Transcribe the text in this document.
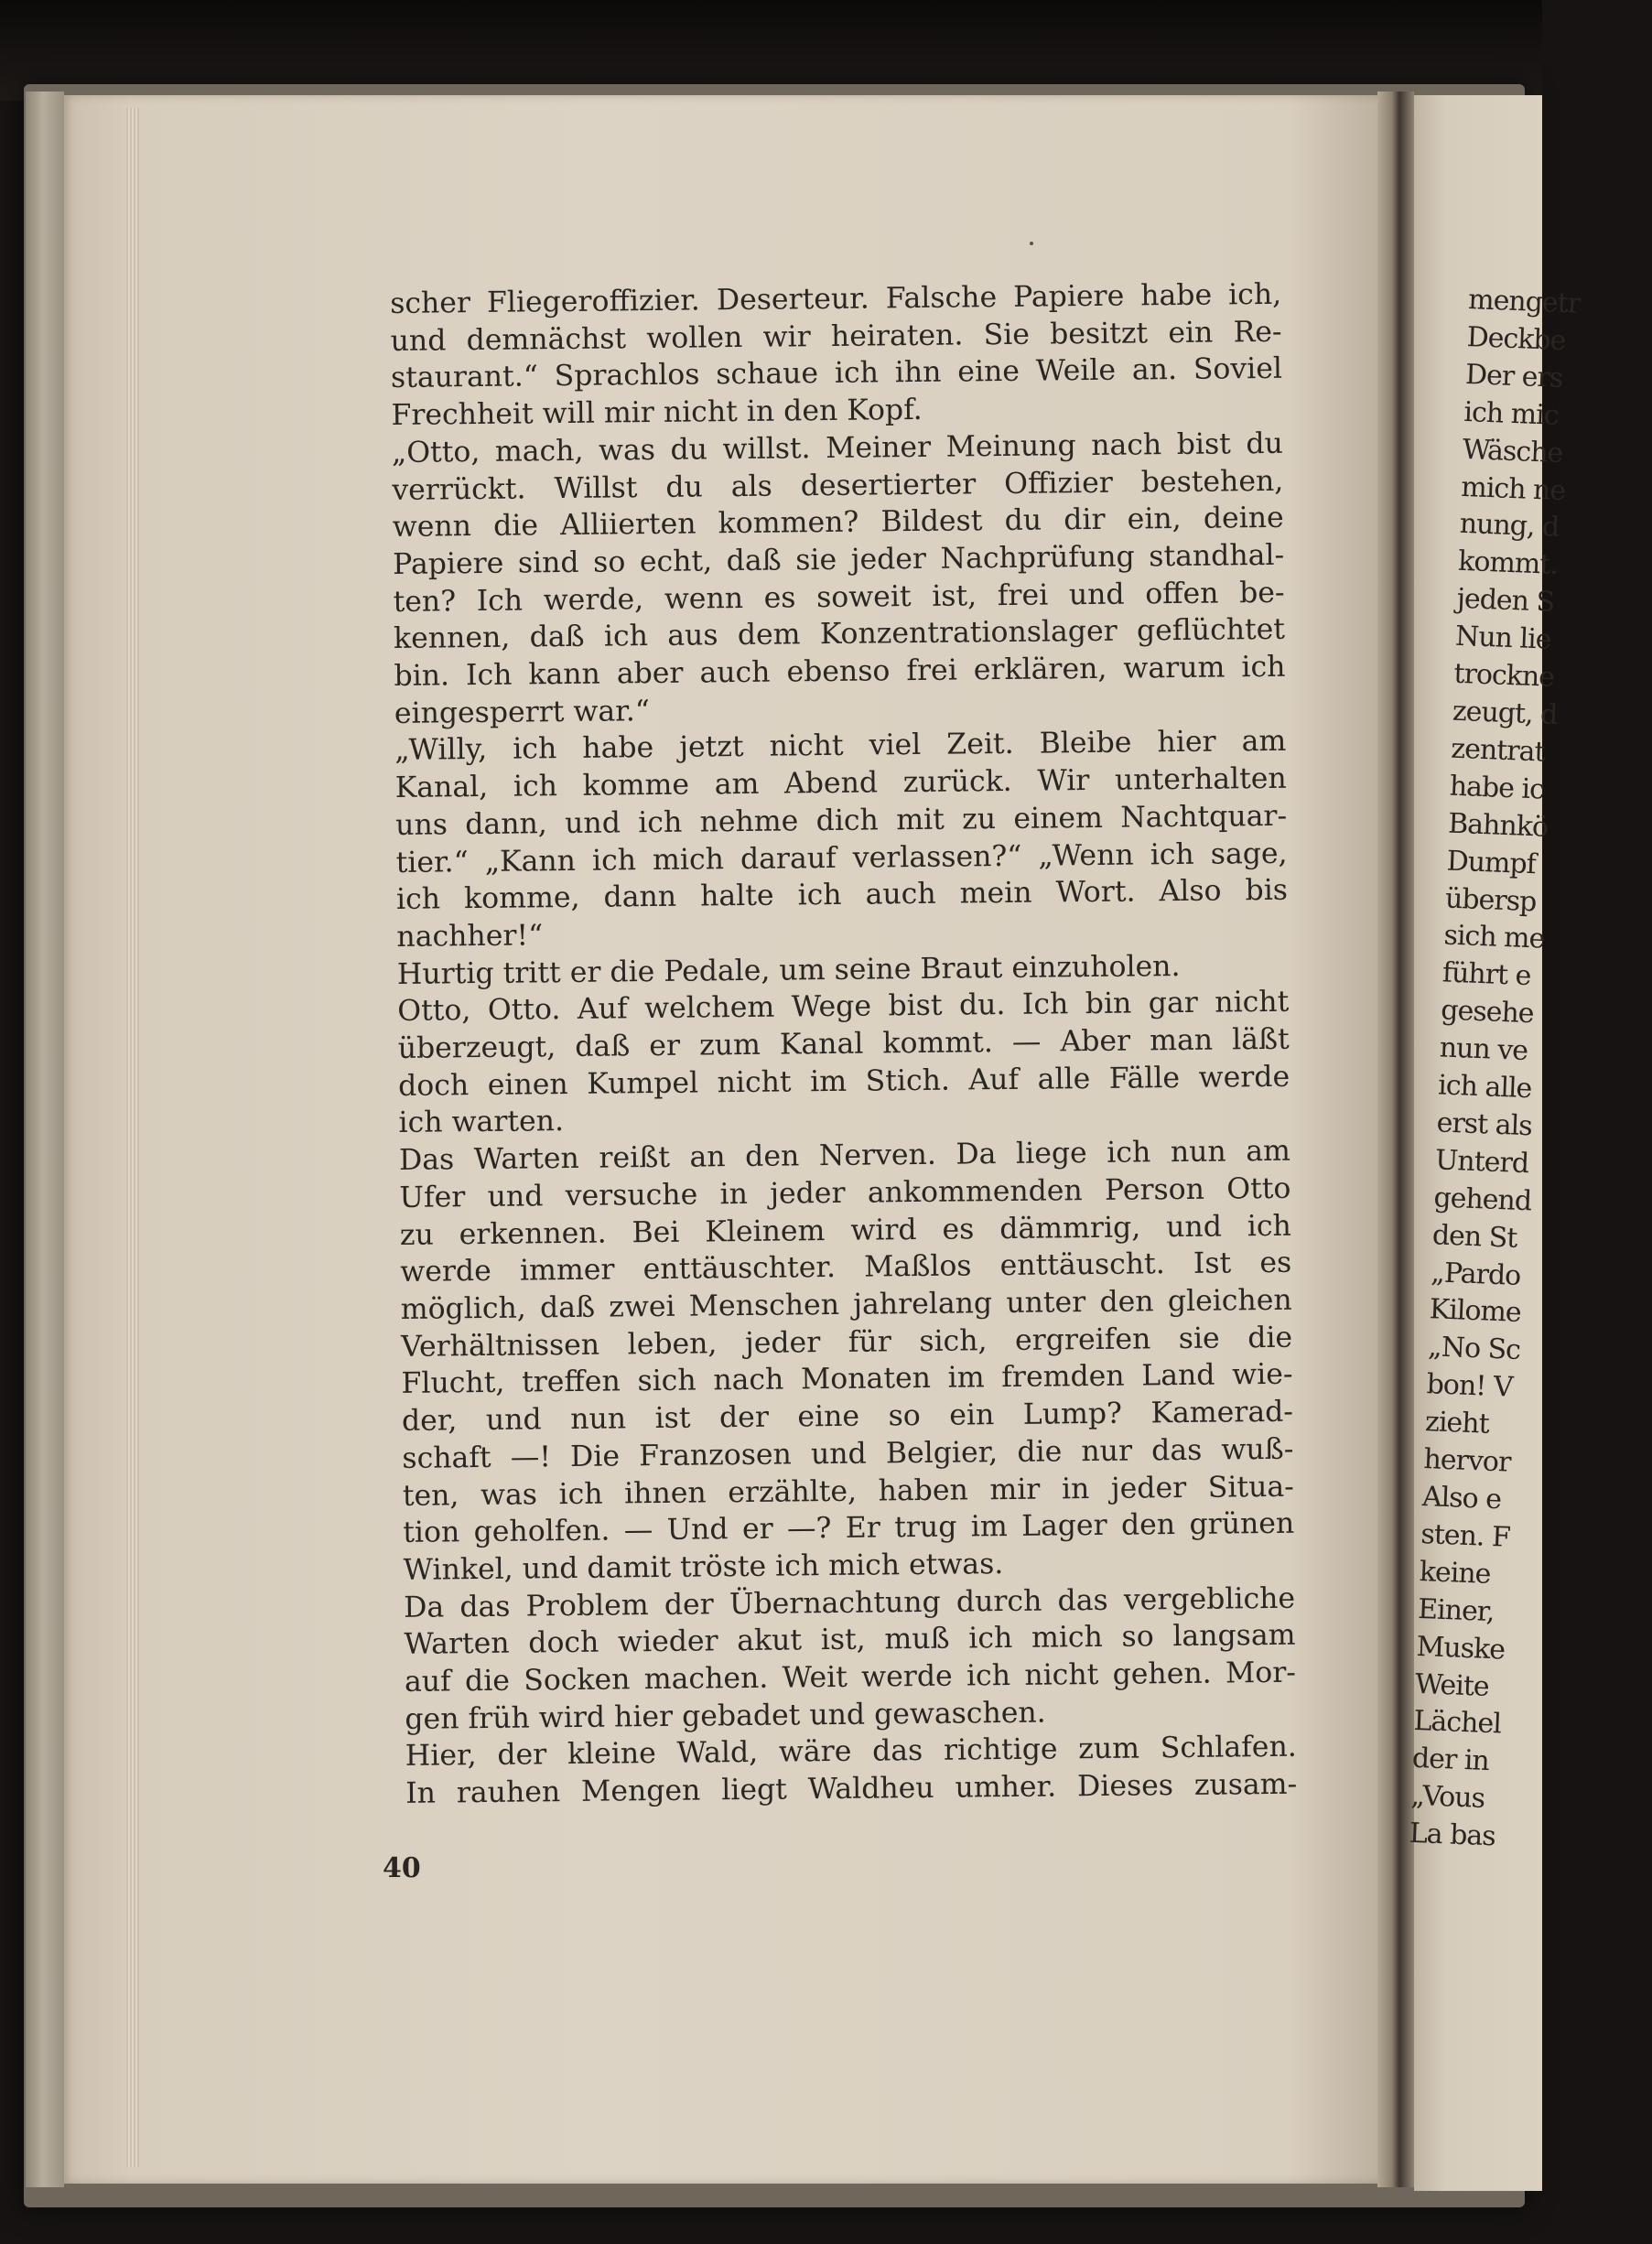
scher Fliegeroffizier. Deserteur. Falsche Papiere habe ich,
und demnächst wollen wir heiraten. Sie besitzt ein Re-
staurant.“ Sprachlos schaue ich ihn eine Weile an. Soviel
Frechheit will mir nicht in den Kopf.
„Otto, mach, was du willst. Meiner Meinung nach bist du
verrückt. Willst du als desertierter Offizier bestehen,
wenn die Alliierten kommen? Bildest du dir ein, deine
Papiere sind so echt, daß sie jeder Nachprüfung standhal-
ten? Ich werde, wenn es soweit ist, frei und offen be-
kennen, daß ich aus dem Konzentrationslager geflüchtet
bin. Ich kann aber auch ebenso frei erklären, warum ich
eingesperrt war.“
„Willy, ich habe jetzt nicht viel Zeit. Bleibe hier am
Kanal, ich komme am Abend zurück. Wir unterhalten
uns dann, und ich nehme dich mit zu einem Nachtquar-
tier.“ „Kann ich mich darauf verlassen?“ „Wenn ich sage,
ich komme, dann halte ich auch mein Wort. Also bis
nachher!“
Hurtig tritt er die Pedale, um seine Braut einzuholen.
Otto, Otto. Auf welchem Wege bist du. Ich bin gar nicht
überzeugt, daß er zum Kanal kommt. — Aber man läßt
doch einen Kumpel nicht im Stich. Auf alle Fälle werde
ich warten.
Das Warten reißt an den Nerven. Da liege ich nun am
Ufer und versuche in jeder ankommenden Person Otto
zu erkennen. Bei Kleinem wird es dämmrig, und ich
werde immer enttäuschter. Maßlos enttäuscht. Ist es
möglich, daß zwei Menschen jahrelang unter den gleichen
Verhältnissen leben, jeder für sich, ergreifen sie die
Flucht, treffen sich nach Monaten im fremden Land wie-
der, und nun ist der eine so ein Lump? Kamerad-
schaft —! Die Franzosen und Belgier, die nur das wuß-
ten, was ich ihnen erzählte, haben mir in jeder Situa-
tion geholfen. — Und er —? Er trug im Lager den grünen
Winkel, und damit tröste ich mich etwas.
Da das Problem der Übernachtung durch das vergebliche
Warten doch wieder akut ist, muß ich mich so langsam
auf die Socken machen. Weit werde ich nicht gehen. Mor-
gen früh wird hier gebadet und gewaschen.
Hier, der kleine Wald, wäre das richtige zum Schlafen.
In rauhen Mengen liegt Waldheu umher. Dieses zusam-
40
mengetr
Deckbe
Der ers
ich mic
Wäsche
mich ne
nung, d
kommt.
jeden S
Nun lie
trockne
zeugt, d
zentrat
habe ic
Bahnkö
Dumpf
übersp
sich me
führt e
gesehe
nun ve
ich alle
erst als
Unterd
gehend
den St
„Pardo
Kilome
„No Sc
bon! V
zieht
hervor
Also e
sten. F
keine
Einer,
Muske
Weite
Lächel
der in
„Vous
La bas
